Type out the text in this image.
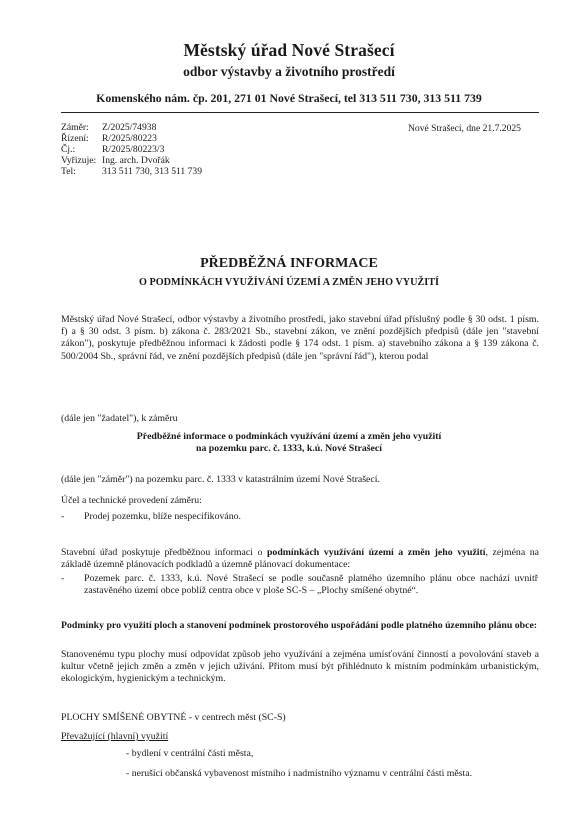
Městský úřad Nové Strašecí
odbor výstavby a životního prostředí
Komenského nám. čp. 201, 271 01 Nové Strašecí, tel 313 511 730, 313 511 739
Záměr: Z/2025/74938
Řízení: R/2025/80223
Čj.:	R/2025/80223/3
Vyřizuje: Ing. arch. Dvořák
Tel:	313 511 730, 313 511 739
Nové Strašecí, dne 21.7.2025
PŘEDBĚŽNÁ INFORMACE
O PODMÍNKÁCH VYUŽÍVÁNÍ ÚZEMÍ A ZMĚN JEHO VYUŽITÍ
Městský úřad Nové Strašecí, odbor výstavby a životního prostředí, jako stavební úřad příslušný podle § 30 odst. 1 písm. f) a § 30 odst. 3 písm. b) zákona č. 283/2021 Sb., stavební zákon, ve znění pozdějších předpisů (dále jen "stavební zákon"), poskytuje předběžnou informaci k žádosti podle § 174 odst. 1 písm. a) stavebního zákona a § 139 zákona č. 500/2004 Sb., správní řád, ve znění pozdějších předpisů (dále jen "správní řád"), kterou podal
(dále jen "žadatel"), k záměru
Předběžné informace o podmínkách využívání území a změn jeho využití
na pozemku parc. č. 1333, k.ú. Nové Strašecí
(dále jen "záměr") na pozemku parc. č. 1333 v katastrálním území Nové Strašecí.
Účel a technické provedení záměru:
- Prodej pozemku, blíže nespecifikováno.
Stavební úřad poskytuje předběžnou informaci o podmínkách využívání území a změn jeho využití, zejména na základě územně plánovacích podkladů a územně plánovací dokumentace:
- Pozemek parc. č. 1333, k.ú. Nové Strašecí se podle současně platného územního plánu obce nachází uvnitř zastavěného území obce poblíž centra obce v ploše SC-S – „Plochy smíšené obytné“.
Podmínky pro využití ploch a stanovení podmínek prostorového uspořádání podle platného územního plánu obce:
Stanovenému typu plochy musí odpovídat způsob jeho využívání a zejména umísťování činností a povolování staveb a kultur včetně jejich změn a změn v jejich užívání. Přitom musí být přihlédnuto k místním podmínkám urbanistickým, ekologickým, hygienickým a technickým.
PLOCHY SMÍŠENÉ OBYTNÉ - v centrech měst (SC-S)
Převažující (hlavní) využití
- bydlení v centrální části města,
- nerušící občanská vybavenost místního i nadmístního významu v centrální části města.
